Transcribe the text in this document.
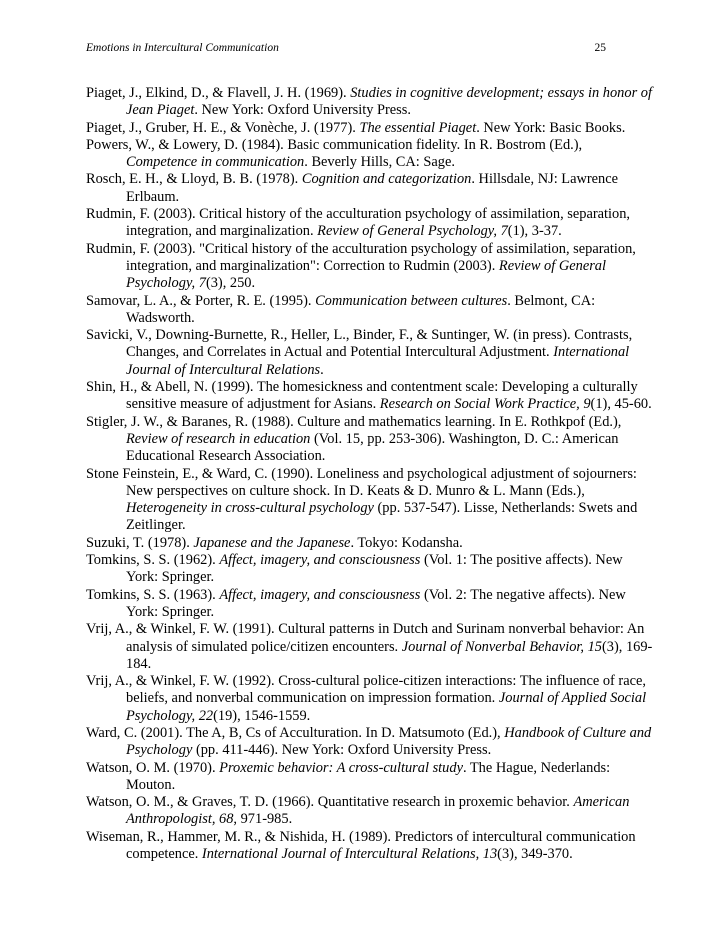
Emotions in Intercultural Communication	25

Piaget, J., Elkind, D., & Flavell, J. H. (1969). Studies in cognitive development; essays in honor of Jean Piaget. New York: Oxford University Press.

Piaget, J., Gruber, H. E., & Vonèche, J. (1977). The essential Piaget. New York: Basic Books.

Powers, W., & Lowery, D. (1984). Basic communication fidelity. In R. Bostrom (Ed.), Competence in communication. Beverly Hills, CA: Sage.

Rosch, E. H., & Lloyd, B. B. (1978). Cognition and categorization. Hillsdale, NJ: Lawrence Erlbaum.

Rudmin, F. (2003). Critical history of the acculturation psychology of assimilation, separation, integration, and marginalization. Review of General Psychology, 7(1), 3-37.

Rudmin, F. (2003). "Critical history of the acculturation psychology of assimilation, separation, integration, and marginalization": Correction to Rudmin (2003). Review of General Psychology, 7(3), 250.

Samovar, L. A., & Porter, R. E. (1995). Communication between cultures. Belmont, CA: Wadsworth.

Savicki, V., Downing-Burnette, R., Heller, L., Binder, F., & Suntinger, W. (in press). Contrasts, Changes, and Correlates in Actual and Potential Intercultural Adjustment. International Journal of Intercultural Relations.

Shin, H., & Abell, N. (1999). The homesickness and contentment scale: Developing a culturally sensitive measure of adjustment for Asians. Research on Social Work Practice, 9(1), 45-60.

Stigler, J. W., & Baranes, R. (1988). Culture and mathematics learning. In E. Rothkpof (Ed.), Review of research in education (Vol. 15, pp. 253-306). Washington, D. C.: American Educational Research Association.

Stone Feinstein, E., & Ward, C. (1990). Loneliness and psychological adjustment of sojourners: New perspectives on culture shock. In D. Keats & D. Munro & L. Mann (Eds.), Heterogeneity in cross-cultural psychology (pp. 537-547). Lisse, Netherlands: Swets and Zeitlinger.

Suzuki, T. (1978). Japanese and the Japanese. Tokyo: Kodansha.

Tomkins, S. S. (1962). Affect, imagery, and consciousness (Vol. 1: The positive affects). New York: Springer.

Tomkins, S. S. (1963). Affect, imagery, and consciousness (Vol. 2: The negative affects). New York: Springer.

Vrij, A., & Winkel, F. W. (1991). Cultural patterns in Dutch and Surinam nonverbal behavior: An analysis of simulated police/citizen encounters. Journal of Nonverbal Behavior, 15(3), 169-184.

Vrij, A., & Winkel, F. W. (1992). Cross-cultural police-citizen interactions: The influence of race, beliefs, and nonverbal communication on impression formation. Journal of Applied Social Psychology, 22(19), 1546-1559.

Ward, C. (2001). The A, B, Cs of Acculturation. In D. Matsumoto (Ed.), Handbook of Culture and Psychology (pp. 411-446). New York: Oxford University Press.

Watson, O. M. (1970). Proxemic behavior: A cross-cultural study. The Hague, Nederlands: Mouton.

Watson, O. M., & Graves, T. D. (1966). Quantitative research in proxemic behavior. American Anthropologist, 68, 971-985.

Wiseman, R., Hammer, M. R., & Nishida, H. (1989). Predictors of intercultural communication competence. International Journal of Intercultural Relations, 13(3), 349-370.
